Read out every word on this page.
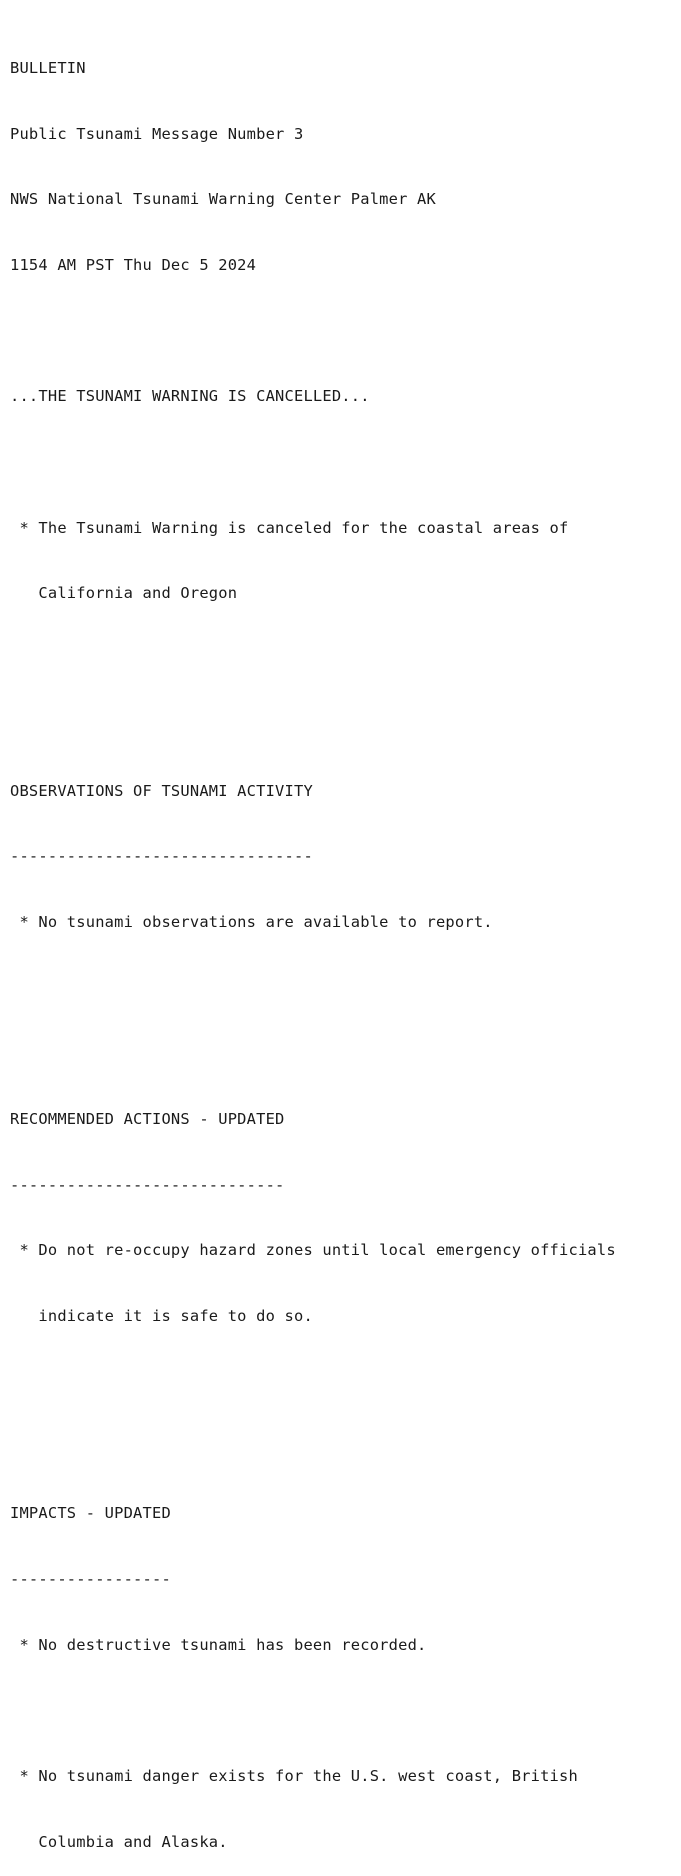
BULLETIN

Public Tsunami Message Number 3

NWS National Tsunami Warning Center Palmer AK

1154 AM PST Thu Dec 5 2024

...THE TSUNAMI WARNING IS CANCELLED...

* The Tsunami Warning is canceled for the coastal areas of

California and Oregon

OBSERVATIONS OF TSUNAMI ACTIVITY

--------------------------------

* No tsunami observations are available to report.

RECOMMENDED ACTIONS - UPDATED

-----------------------------

* Do not re-occupy hazard zones until local emergency officials

indicate it is safe to do so.

IMPACTS - UPDATED

-----------------

* No destructive tsunami has been recorded.

* No tsunami danger exists for the U.S. west coast, British

Columbia and Alaska.
